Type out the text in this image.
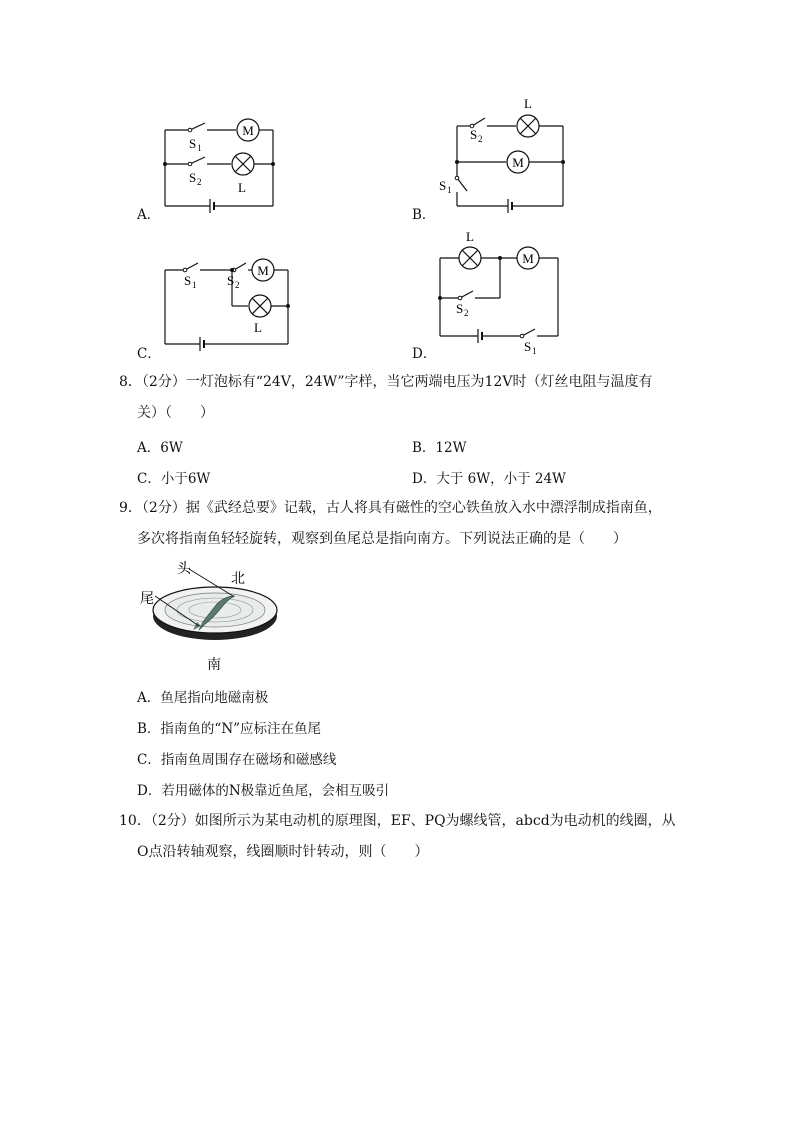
M
S 1
S 2	L
A．
L
S 2
M
S 1
B．
S 1 S 2
M
L
C．
L
M
S 2
S 1
D．
8．（2分）一灯泡标有“24V，24W”字样，当它两端电压为12V时（灯丝电阻与温度有
关）（　　）
A．6W	B．12W
C．小于6W	D．大于 6W，小于 24W
9．（2分）据《武经总要》记载，古人将具有磁性的空心铁鱼放入水中漂浮制成指南鱼，
多次将指南鱼轻轻旋转，观察到鱼尾总是指向南方。下列说法正确的是（　　）
头
北
尾
南
A．鱼尾指向地磁南极
B．指南鱼的“N”应标注在鱼尾
C．指南鱼周围存在磁场和磁感线
D．若用磁体的N极靠近鱼尾，会相互吸引
10．（2分）如图所示为某电动机的原理图，EF、PQ为螺线管，abcd为电动机的线圈，从
O点沿转轴观察，线圈顺时针转动，则（　　）
